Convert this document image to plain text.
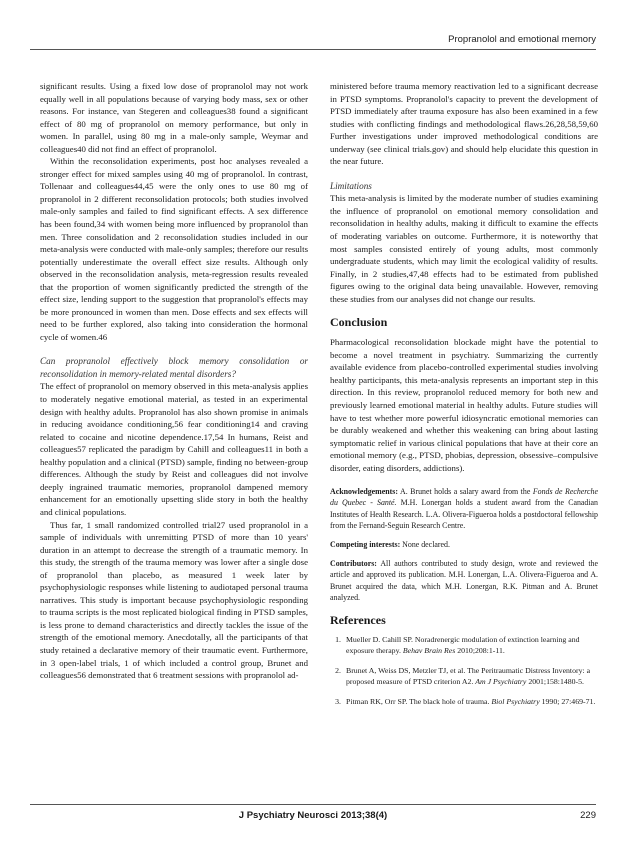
Propranolol and emotional memory

significant results. Using a fixed low dose of propranolol may not work equally well in all populations because of varying body mass, sex or other reasons. For instance, van Stegeren and colleagues38 found a significant effect of 80 mg of propranolol on memory performance, but only in women. In parallel, using 80 mg in a male-only sample, Weymar and colleagues40 did not find an effect of propranolol.

Within the reconsolidation experiments, post hoc analyses revealed a stronger effect for mixed samples using 40 mg of propranolol. In contrast, Tollenaar and colleagues44,45 were the only ones to use 80 mg of propranolol in 2 different reconsolidation protocols; both studies involved male-only samples and failed to find significant effects. A sex difference has been found,34 with women being more influenced by propranolol than men. Three consolidation and 2 reconsolidation studies included in our meta-analysis were conducted with male-only samples; therefore our results potentially underestimate the overall effect size results. Although only observed in the reconsolidation analysis, meta-regression results revealed that the proportion of women significantly predicted the strength of the effect size, lending support to the suggestion that propranolol's effects may be more pronounced in women than men. Dose effects and sex effects will need to be further explored, also taking into consideration the hormonal cycle of women.46

Can propranolol effectively block memory consolidation or reconsolidation in memory-related mental disorders?

The effect of propranolol on memory observed in this meta-analysis applies to moderately negative emotional material, as tested in an experimental design with healthy adults. Propranolol has also shown promise in animals in reducing avoidance conditioning,56 fear conditioning14 and craving related to cocaine and nicotine dependence.17,54 In humans, Reist and colleagues57 replicated the paradigm by Cahill and colleagues11 in both a healthy population and a clinical (PTSD) sample, finding no between-group differences. Although the study by Reist and colleagues did not involve deeply ingrained traumatic memories, propranolol dampened memory enhancement for an emotionally upsetting slide story in both the healthy and clinical populations.

Thus far, 1 small randomized controlled trial27 used propranolol in a sample of individuals with unremitting PTSD of more than 10 years' duration in an attempt to decrease the strength of a traumatic memory. In this study, the strength of the trauma memory was lower after a single dose of propranolol than placebo, as measured 1 week later by psychophysiologic responses while listening to audiotaped personal trauma narratives. This study is important because psychophysiologic responding to trauma scripts is the most replicated biological finding in PTSD samples, is less prone to demand characteristics and directly tackles the issue of the strength of the emotional memory. Anecdotally, all the participants of that study retained a declarative memory of their traumatic event. Furthermore, in 3 open-label trials, 1 of which included a control group, Brunet and colleagues56 demonstrated that 6 treatment sessions with propranolol ad-

ministered before trauma memory reactivation led to a significant decrease in PTSD symptoms. Propranolol's capacity to prevent the development of PTSD immediately after trauma exposure has also been examined in a few studies with conflicting findings and methodological flaws.26,28,58,59,60 Further investigations under improved methodological conditions are underway (see clinical trials.gov) and should help elucidate this question in the near future.

Limitations

This meta-analysis is limited by the moderate number of studies examining the influence of propranolol on emotional memory consolidation and reconsolidation in healthy adults, making it difficult to examine the effects of moderating variables on outcome. Furthermore, it is noteworthy that most samples consisted entirely of young adults, most commonly undergraduate students, which may limit the ecological validity of results. Finally, in 2 studies,47,48 effects had to be estimated from published figures owing to the original data being unavailable. However, removing these studies from our analyses did not change our results.

Conclusion

Pharmacological reconsolidation blockade might have the potential to become a novel treatment in psychiatry. Summarizing the currently available evidence from placebo-controlled experimental studies involving healthy participants, this meta-analysis represents an important step in this direction. In this review, propranolol reduced memory for both new and previously learned emotional material in healthy adults. Future studies will have to test whether more powerful idiosyncratic emotional memories can be durably weakened and whether this weakening can bring about lasting symptomatic relief in various clinical populations that have at their core an emotional memory (e.g., PTSD, phobias, depression, obsessive–compulsive disorder, eating disorders, addictions).

Acknowledgements: A. Brunet holds a salary award from the Fonds de Recherche du Quebec - Santé. M.H. Lonergan holds a student award from the Canadian Institutes of Health Research. L.A. Olivera-Figueroa holds a postdoctoral fellowship from the Fernand-Seguin Research Centre.

Competing interests: None declared.

Contributors: All authors contributed to study design, wrote and reviewed the article and approved its publication. M.H. Lonergan, L.A. Olivera-Figueroa and A. Brunet acquired the data, which M.H. Lonergan, R.K. Pitman and A. Brunet analyzed.

References
1. Mueller D. Cahill SP. Noradrenergic modulation of extinction learning and exposure therapy. Behav Brain Res 2010;208:1-11.
2. Brunet A, Weiss DS, Metzler TJ, et al. The Peritraumatic Distress Inventory: a proposed measure of PTSD criterion A2. Am J Psychiatry 2001;158:1480-5.
3. Pitman RK, Orr SP. The black hole of trauma. Biol Psychiatry 1990; 27:469-71.
J Psychiatry Neurosci 2013;38(4)	229
